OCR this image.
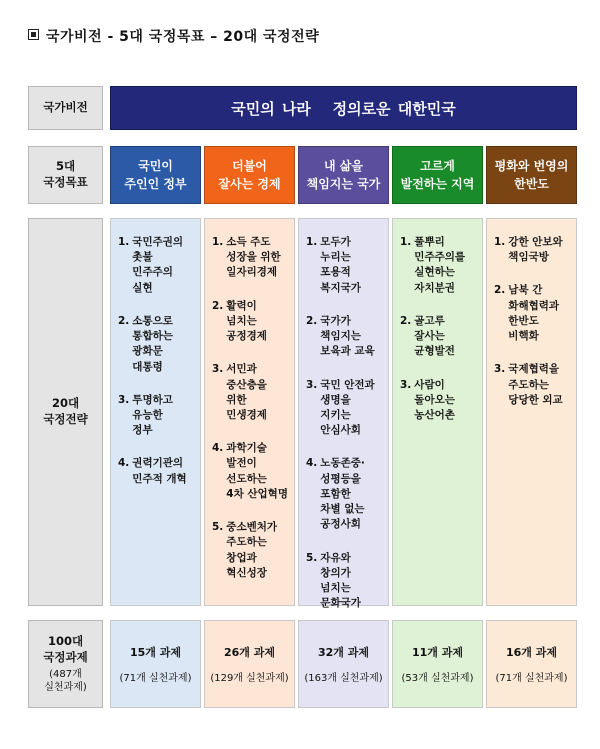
국가비전 - 5대 국정목표 – 20대 국정전략
국가비전	국민의 나라   정의로운 대한민국
5대
국정목표
국민이
주인인 정부
더불어
잘사는 경제
내 삶을
책임지는 국가
고르게
발전하는 지역
평화와 번영의
한반도
20대
국정전략
1. 국민주권의
촛불
민주주의
실현
2. 소통으로
통합하는
광화문
대통령
3. 투명하고
유능한
정부
4. 권력기관의
민주적 개혁
1. 소득 주도
성장을 위한
일자리경제
2. 활력이
넘치는
공정경제
3. 서민과
중산층을
위한
민생경제
4. 과학기술
발전이
선도하는
4차 산업혁명
5. 중소벤처가
주도하는
창업과
혁신성장
1. 모두가
누리는
포용적
복지국가
2. 국가가
책임지는
보육과 교육
3. 국민 안전과
생명을
지키는
안심사회
4. 노동존중·
성평등을
포함한
차별 없는
공정사회
5. 자유와
창의가
넘치는
문화국가
1. 풀뿌리
민주주의를
실현하는
자치분권
2. 골고루
잘사는
균형발전
3. 사람이
돌아오는
농산어촌
1. 강한 안보와
책임국방
2. 남북 간
화해협력과
한반도
비핵화
3. 국제협력을
주도하는
당당한 외교
100대
국정과제
(487개
실천과제)
15개 과제
(71개 실천과제)
26개 과제
(129개 실천과제)
32개 과제
(163개 실천과제)
11개 과제
(53개 실천과제)
16개 과제
(71개 실천과제)
